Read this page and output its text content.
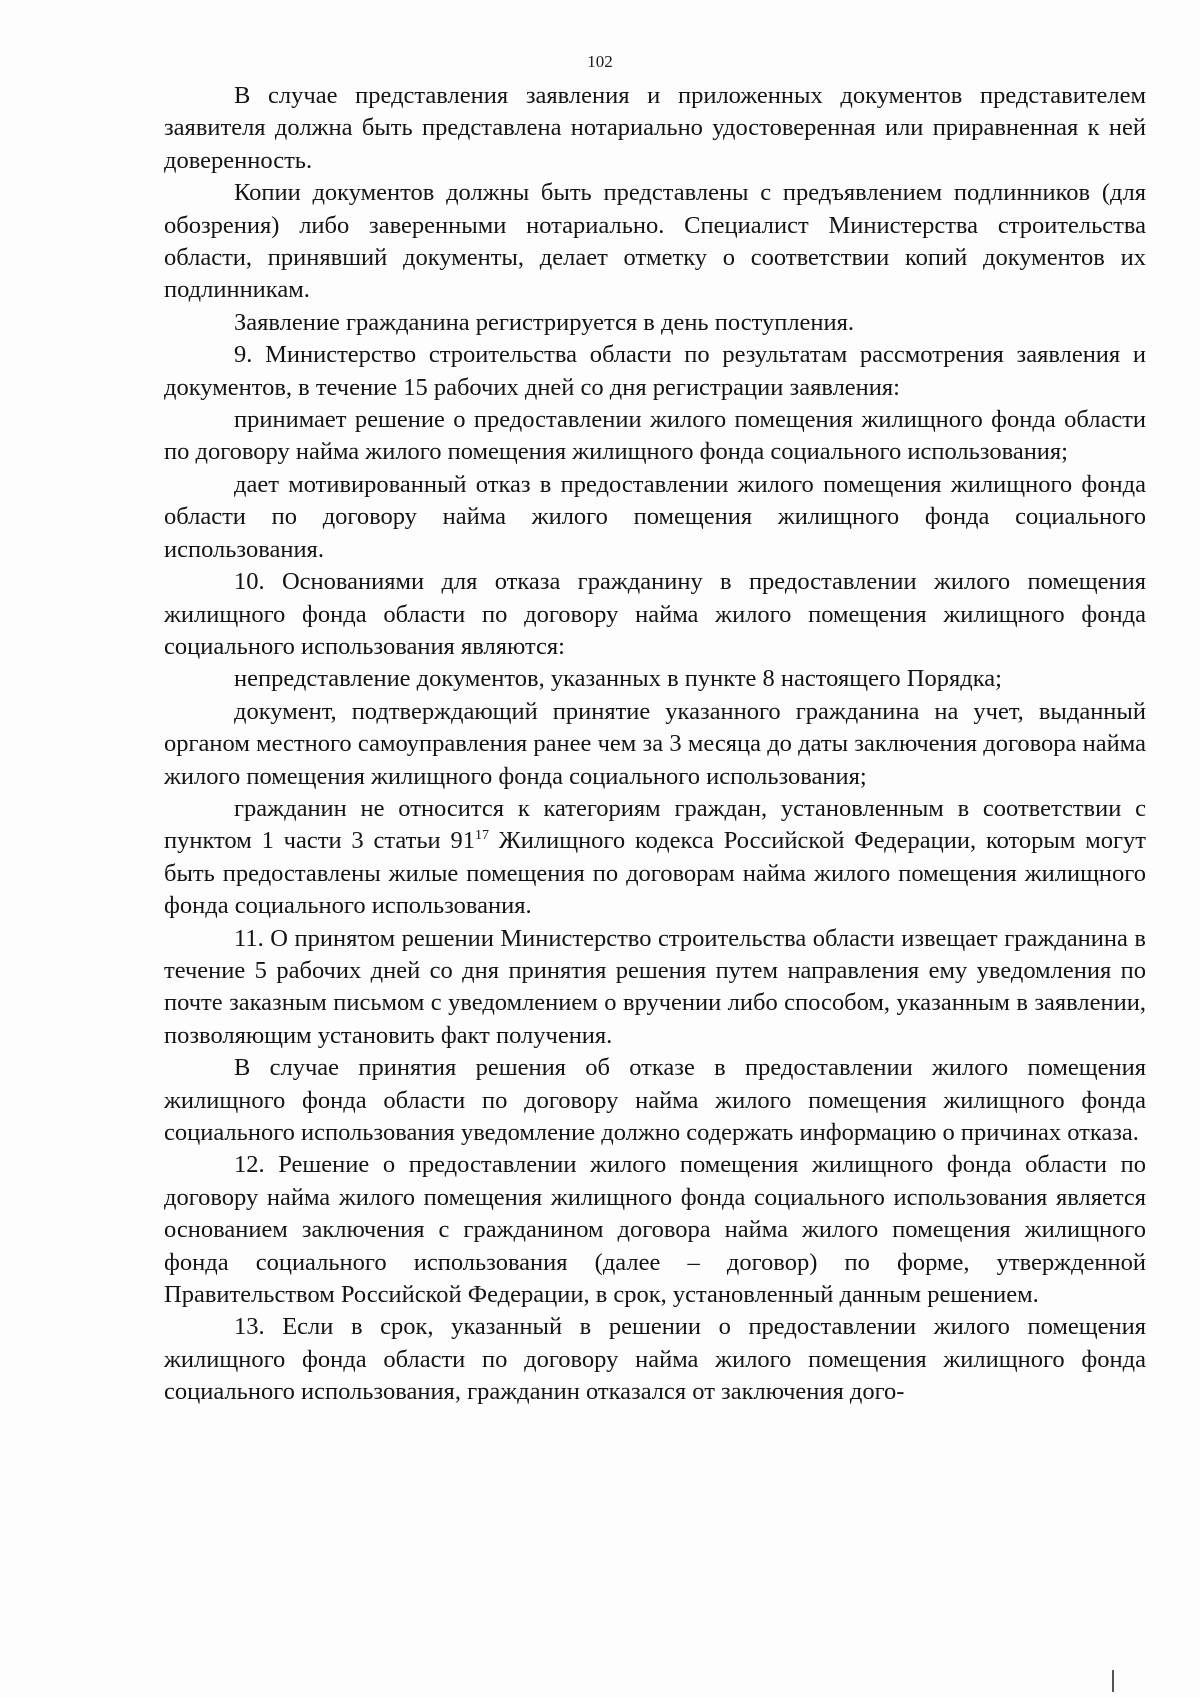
102

В случае представления заявления и приложенных документов представителем заявителя должна быть представлена нотариально удостоверенная или приравненная к ней доверенность.

Копии документов должны быть представлены с предъявлением подлинников (для обозрения) либо заверенными нотариально. Специалист Министерства строительства области, принявший документы, делает отметку о соответствии копий документов их подлинникам.

Заявление гражданина регистрируется в день поступления.

9. Министерство строительства области по результатам рассмотрения заявления и документов, в течение 15 рабочих дней со дня регистрации заявления:

принимает решение о предоставлении жилого помещения жилищного фонда области по договору найма жилого помещения жилищного фонда социального использования;

дает мотивированный отказ в предоставлении жилого помещения жилищного фонда области по договору найма жилого помещения жилищного фонда социального использования.

10. Основаниями для отказа гражданину в предоставлении жилого помещения жилищного фонда области по договору найма жилого помещения жилищного фонда социального использования являются:

непредставление документов, указанных в пункте 8 настоящего Порядка;

документ, подтверждающий принятие указанного гражданина на учет, выданный органом местного самоуправления ранее чем за 3 месяца до даты заключения договора найма жилого помещения жилищного фонда социального использования;

гражданин не относится к категориям граждан, установленным в соответствии с пунктом 1 части 3 статьи $91^{17}$ Жилищного кодекса Российской Федерации, которым могут быть предоставлены жилые помещения по договорам найма жилого помещения жилищного фонда социального использования.

11. О принятом решении Министерство строительства области извещает гражданина в течение 5 рабочих дней со дня принятия решения путем направления ему уведомления по почте заказным письмом с уведомлением о вручении либо способом, указанным в заявлении, позволяющим установить факт получения.

В случае принятия решения об отказе в предоставлении жилого помещения жилищного фонда области по договору найма жилого помещения жилищного фонда социального использования уведомление должно содержать информацию о причинах отказа.

12. Решение о предоставлении жилого помещения жилищного фонда области по договору найма жилого помещения жилищного фонда социального использования является основанием заключения с гражданином договора найма жилого помещения жилищного фонда социального использования (далее – договор) по форме, утвержденной Правительством Российской Федерации, в срок, установленный данным решением.

13. Если в срок, указанный в решении о предоставлении жилого помещения жилищного фонда области по договору найма жилого помещения жилищного фонда социального использования, гражданин отказался от заключения дого-
